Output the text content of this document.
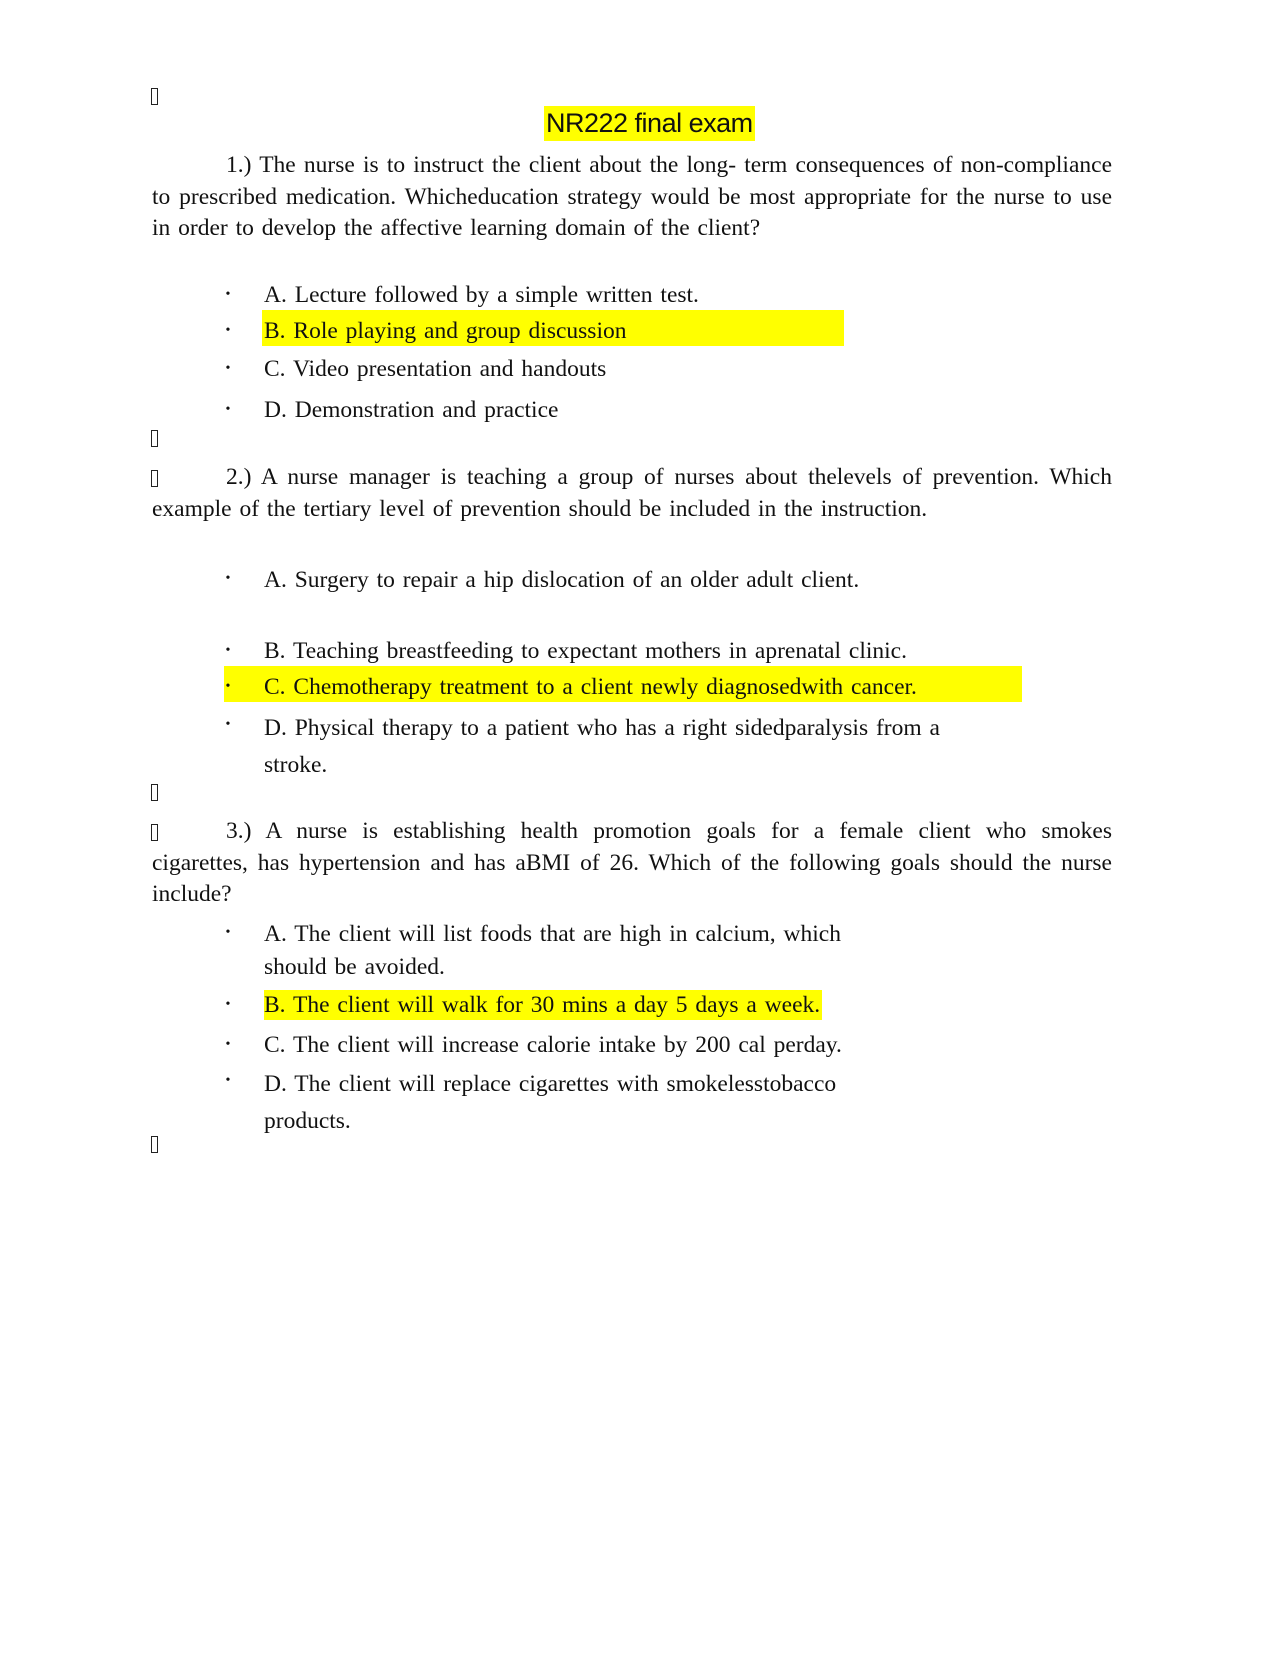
NR222 final exam
1.) The nurse is to instruct the client about the long- term consequences of non-compliance to prescribed medication. Whicheducation strategy would be most appropriate for the nurse to use in order to develop the affective learning domain of the client?
• A. Lecture followed by a simple written test.
• B. Role playing and group discussion
• C. Video presentation and handouts
• D. Demonstration and practice
2.) A nurse manager is teaching a group of nurses about thelevels of prevention. Which example of the tertiary level of prevention should be included in the instruction.
• A. Surgery to repair a hip dislocation of an older adult client.
• B. Teaching breastfeeding to expectant mothers in aprenatal clinic.
• C. Chemotherapy treatment to a client newly diagnosedwith cancer.
• D. Physical therapy to a patient who has a right sidedparalysis from a stroke.
3.) A nurse is establishing health promotion goals for a female client who smokes cigarettes, has hypertension and has aBMI of 26. Which of the following goals should the nurse include?
• A. The client will list foods that are high in calcium, which should be avoided.
• B. The client will walk for 30 mins a day 5 days a week.
• C. The client will increase calorie intake by 200 cal perday.
• D. The client will replace cigarettes with smokelesstobacco products.
